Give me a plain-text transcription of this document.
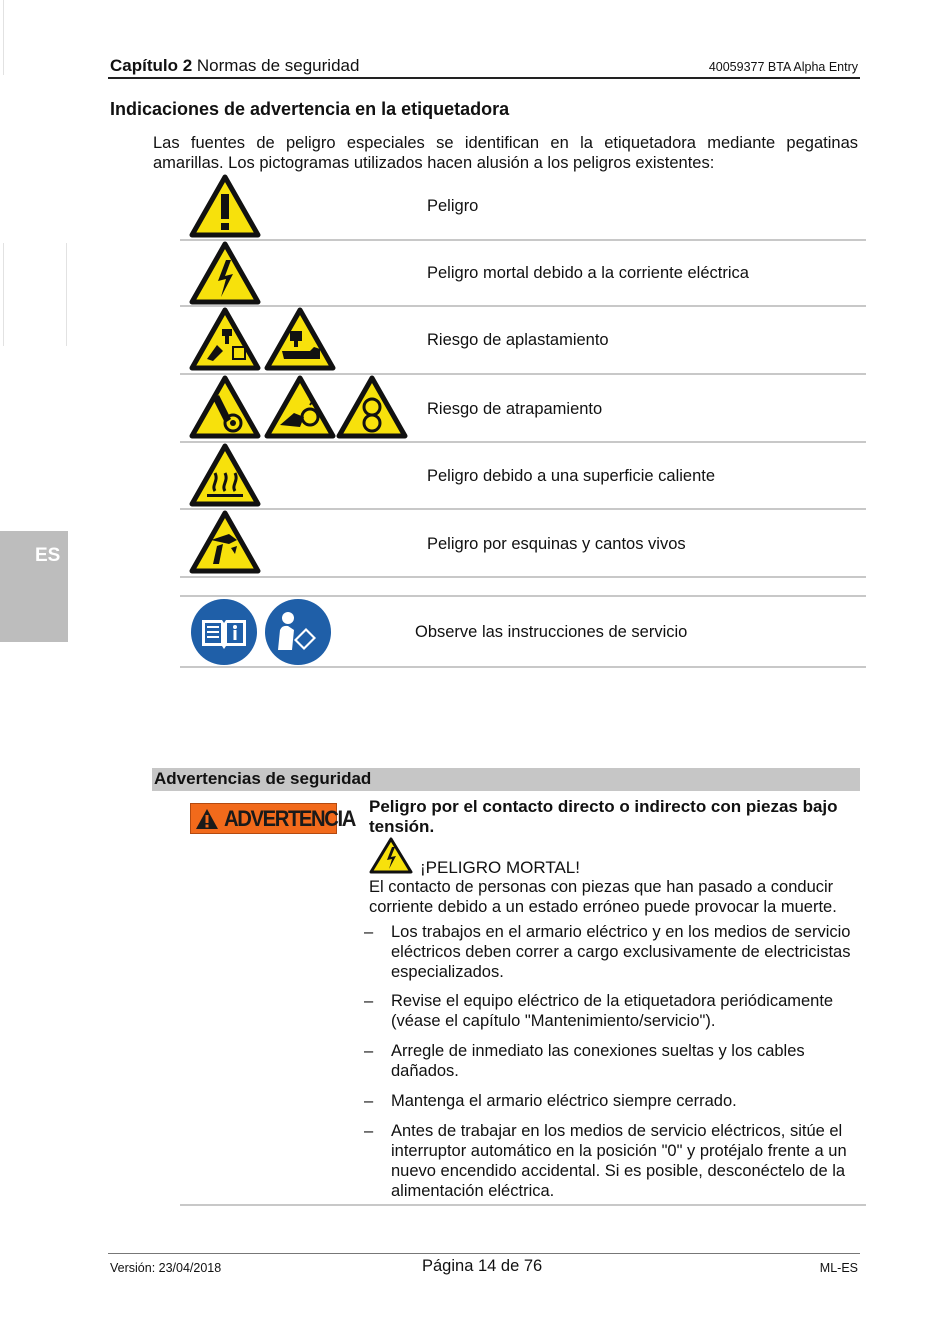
ES
Capítulo 2 Normas de seguridad	40059377 BTA Alpha Entry
Indicaciones de advertencia en la etiquetadora
Las fuentes de peligro especiales se identifican en la etiquetadora mediante pegatinas amarillas. Los pictogramas utilizados hacen alusión a los peligros existentes:
Peligro
Peligro mortal debido a la corriente eléctrica
Riesgo de aplastamiento
Riesgo de atrapamiento
Peligro debido a una superficie caliente
Peligro por esquinas y cantos vivos
Observe las instrucciones de servicio
Advertencias de seguridad
ADVERTENCIA Peligro por el contacto directo o indirecto con piezas bajo tensión.
¡PELIGRO MORTAL!
El contacto de personas con piezas que han pasado a conducir corriente debido a un estado erróneo puede provocar la muerte.
– Los trabajos en el armario eléctrico y en los medios de servicio eléctricos deben correr a cargo exclusivamente de electricistas especializados.
– Revise el equipo eléctrico de la etiquetadora periódicamente (véase el capítulo "Mantenimiento/servicio").
– Arregle de inmediato las conexiones sueltas y los cables dañados.
– Mantenga el armario eléctrico siempre cerrado.
– Antes de trabajar en los medios de servicio eléctricos, sitúe el interruptor automático en la posición "0" y protéjalo frente a un nuevo encendido accidental. Si es posible, desconéctelo de la alimentación eléctrica.
Versión: 23/04/2018	Página 14 de 76	ML-ES
